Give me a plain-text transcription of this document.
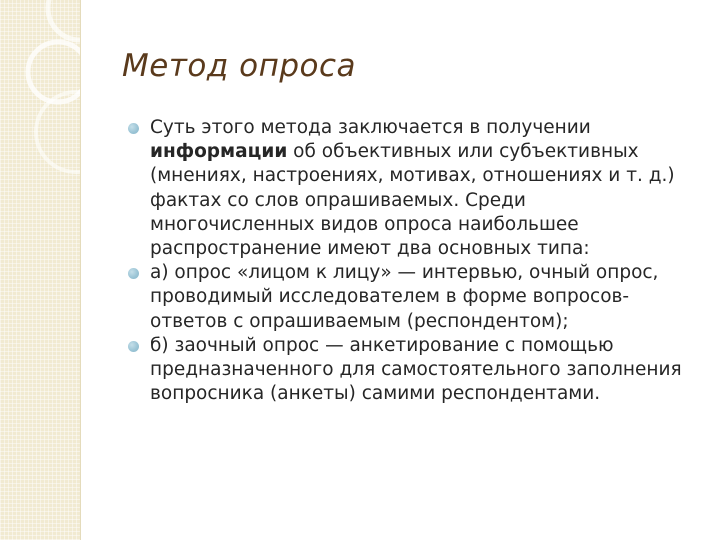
Метод опроса
Суть этого метода заключается в получении информации об объективных или субъективных (мнениях, настроениях, мотивах, отношениях и т. д.) фактах со слов опрашиваемых. Среди многочисленных видов опроса наибольшее распространение имеют два основных типа:
а) опрос «лицом к лицу» — интервью, очный опрос, проводимый исследователем в форме вопросов-ответов с опрашиваемым (респондентом);
б) заочный опрос — анкетирование с помощью предназначенного для самостоятельного заполнения вопросника (анкеты) самими респондентами.
